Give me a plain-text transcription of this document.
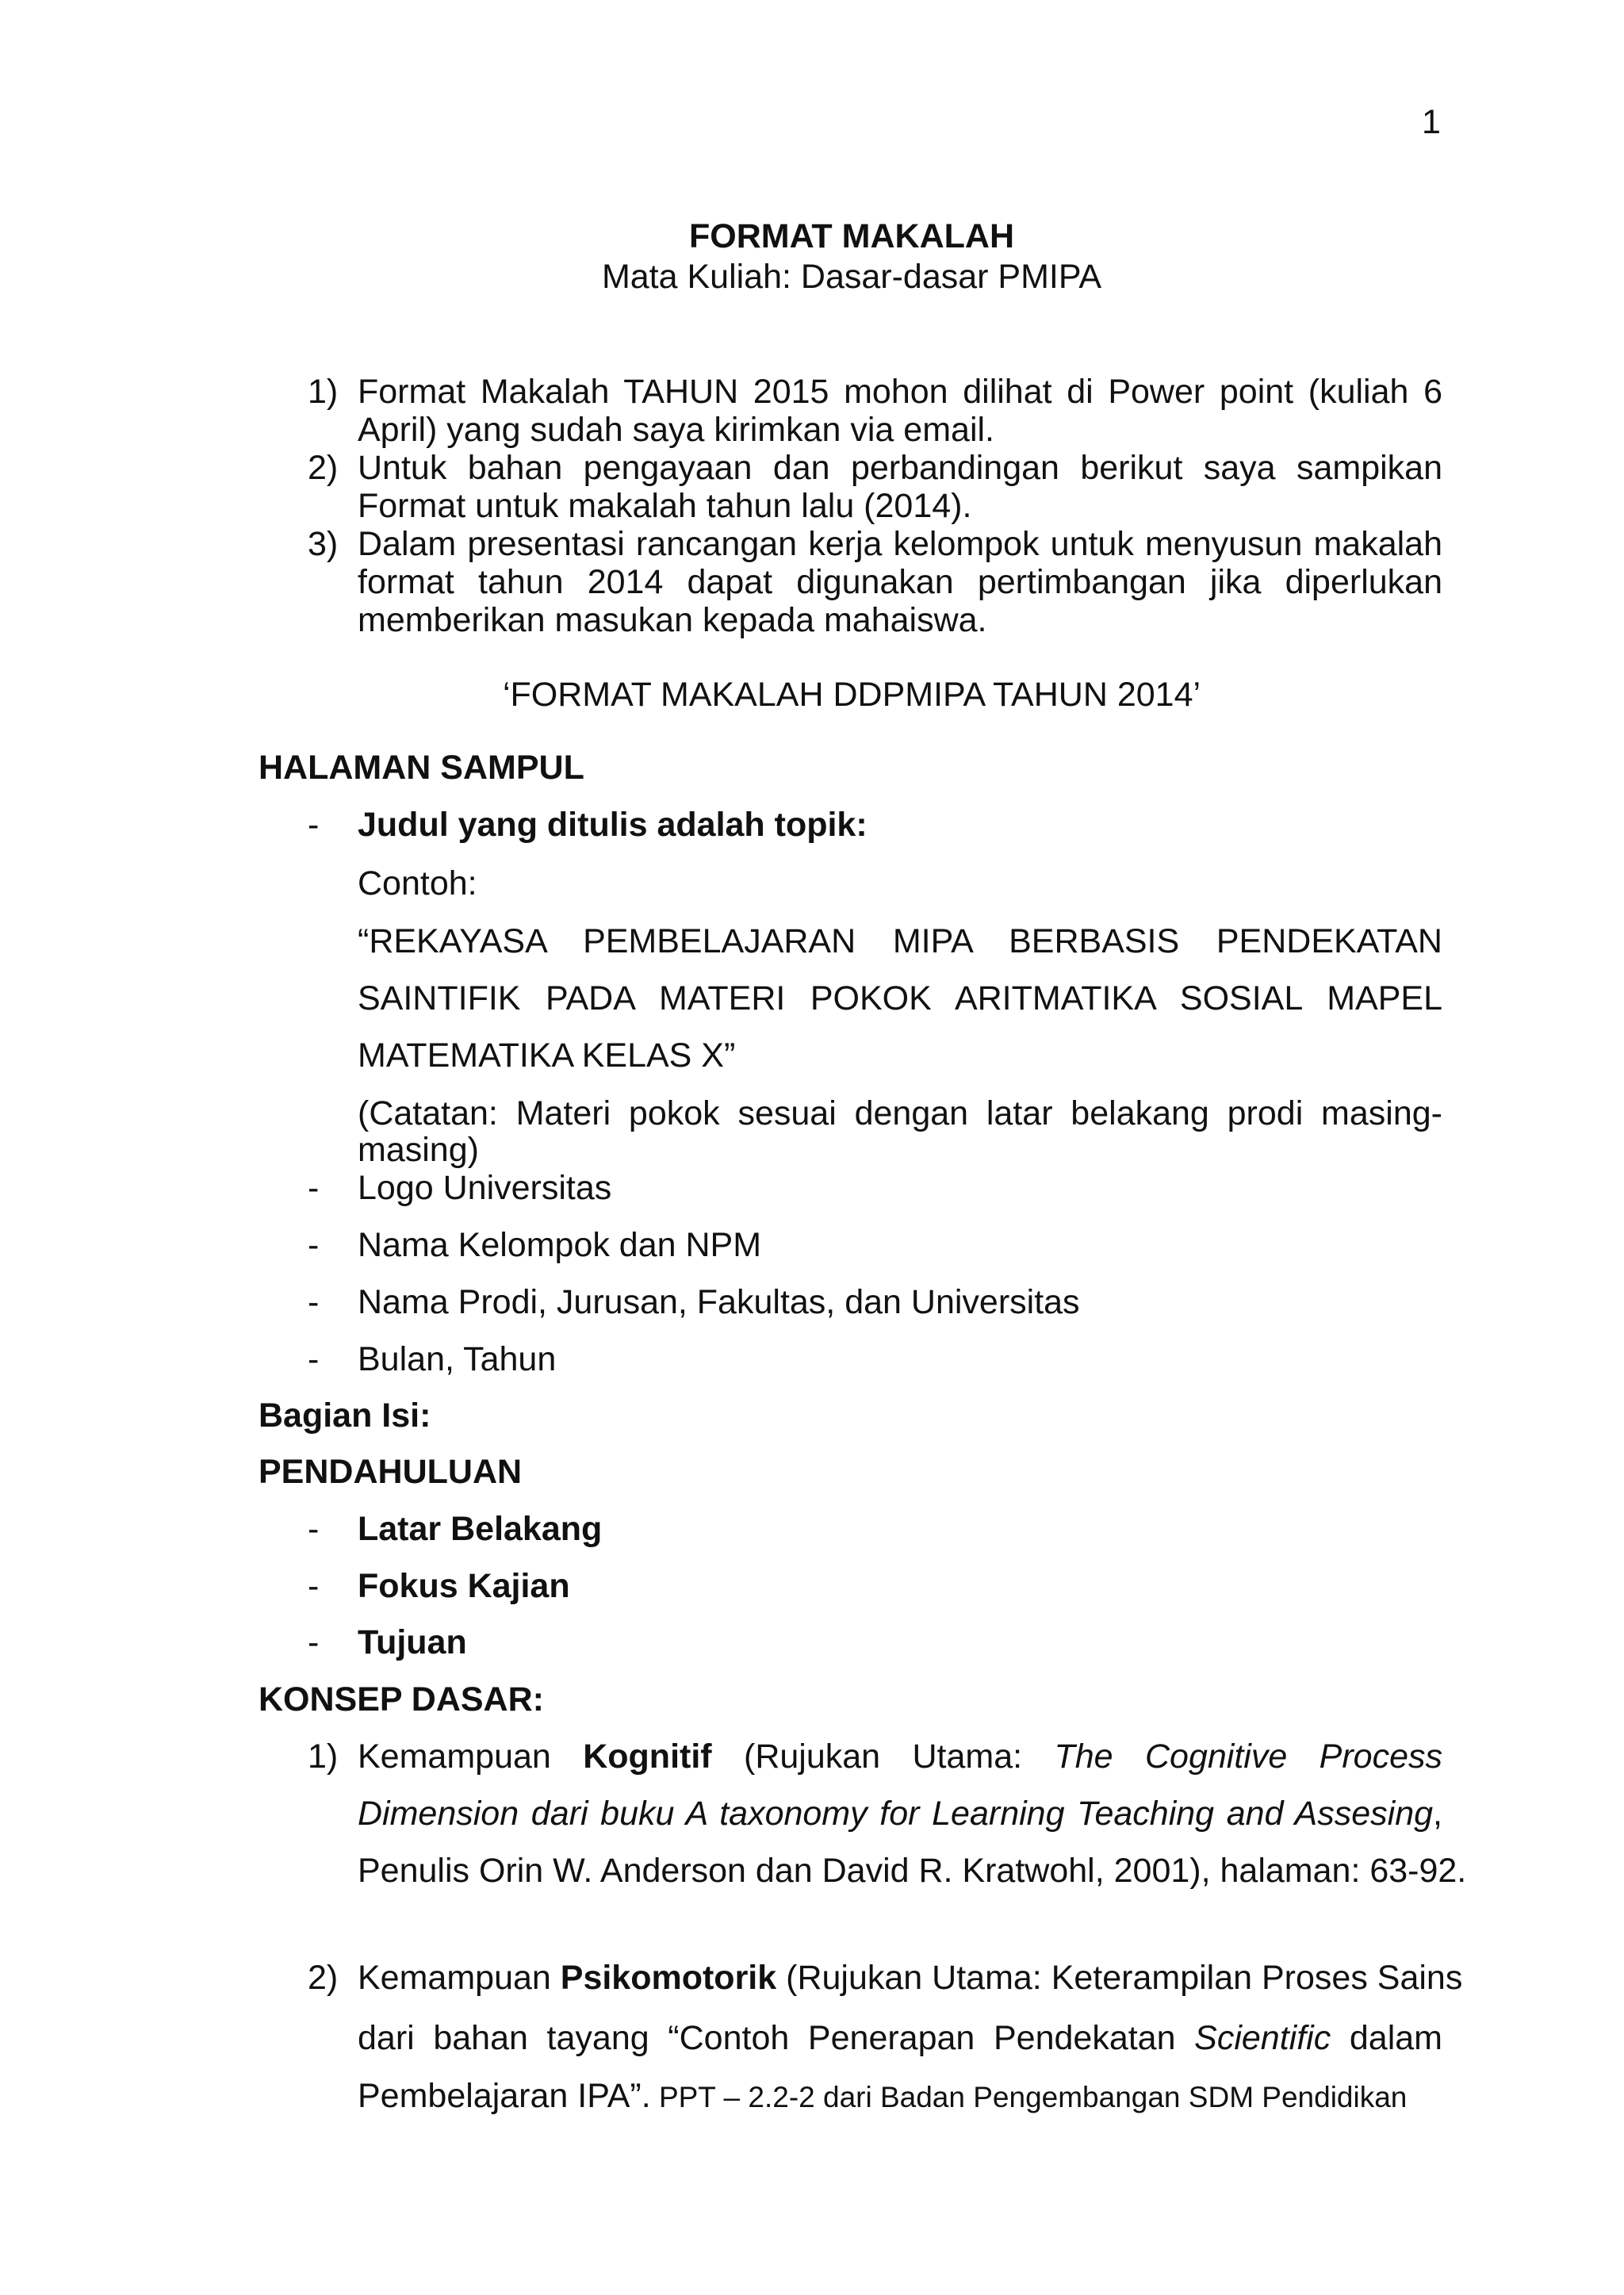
1
FORMAT MAKALAH
Mata Kuliah: Dasar-dasar PMIPA
1) Format Makalah TAHUN 2015 mohon dilihat di Power point (kuliah 6
April) yang sudah saya kirimkan via email.
2) Untuk bahan pengayaan dan perbandingan berikut saya sampikan
Format untuk makalah tahun lalu (2014).
3) Dalam presentasi rancangan kerja kelompok untuk menyusun makalah
format tahun 2014 dapat digunakan pertimbangan jika diperlukan
memberikan masukan kepada mahaiswa.
‘FORMAT MAKALAH DDPMIPA TAHUN 2014’
HALAMAN SAMPUL
- Judul yang ditulis adalah topik:
Contoh:
“REKAYASA PEMBELAJARAN MIPA BERBASIS PENDEKATAN
SAINTIFIK PADA MATERI POKOK ARITMATIKA SOSIAL MAPEL
MATEMATIKA KELAS X”
(Catatan: Materi pokok sesuai dengan latar belakang prodi masing-
masing)
- Logo Universitas
- Nama Kelompok dan NPM
- Nama Prodi, Jurusan, Fakultas, dan Universitas
- Bulan, Tahun
Bagian Isi:
PENDAHULUAN
- Latar Belakang
- Fokus Kajian
- Tujuan
KONSEP DASAR:
1) Kemampuan Kognitif (Rujukan Utama: The Cognitive Process
Dimension dari buku A taxonomy for Learning Teaching and Assesing,
Penulis Orin W. Anderson dan David R. Kratwohl, 2001), halaman: 63-92.
2) Kemampuan Psikomotorik (Rujukan Utama: Keterampilan Proses Sains
dari bahan tayang “Contoh Penerapan Pendekatan Scientific dalam
Pembelajaran IPA”. PPT – 2.2-2 dari Badan Pengembangan SDM Pendidikan
